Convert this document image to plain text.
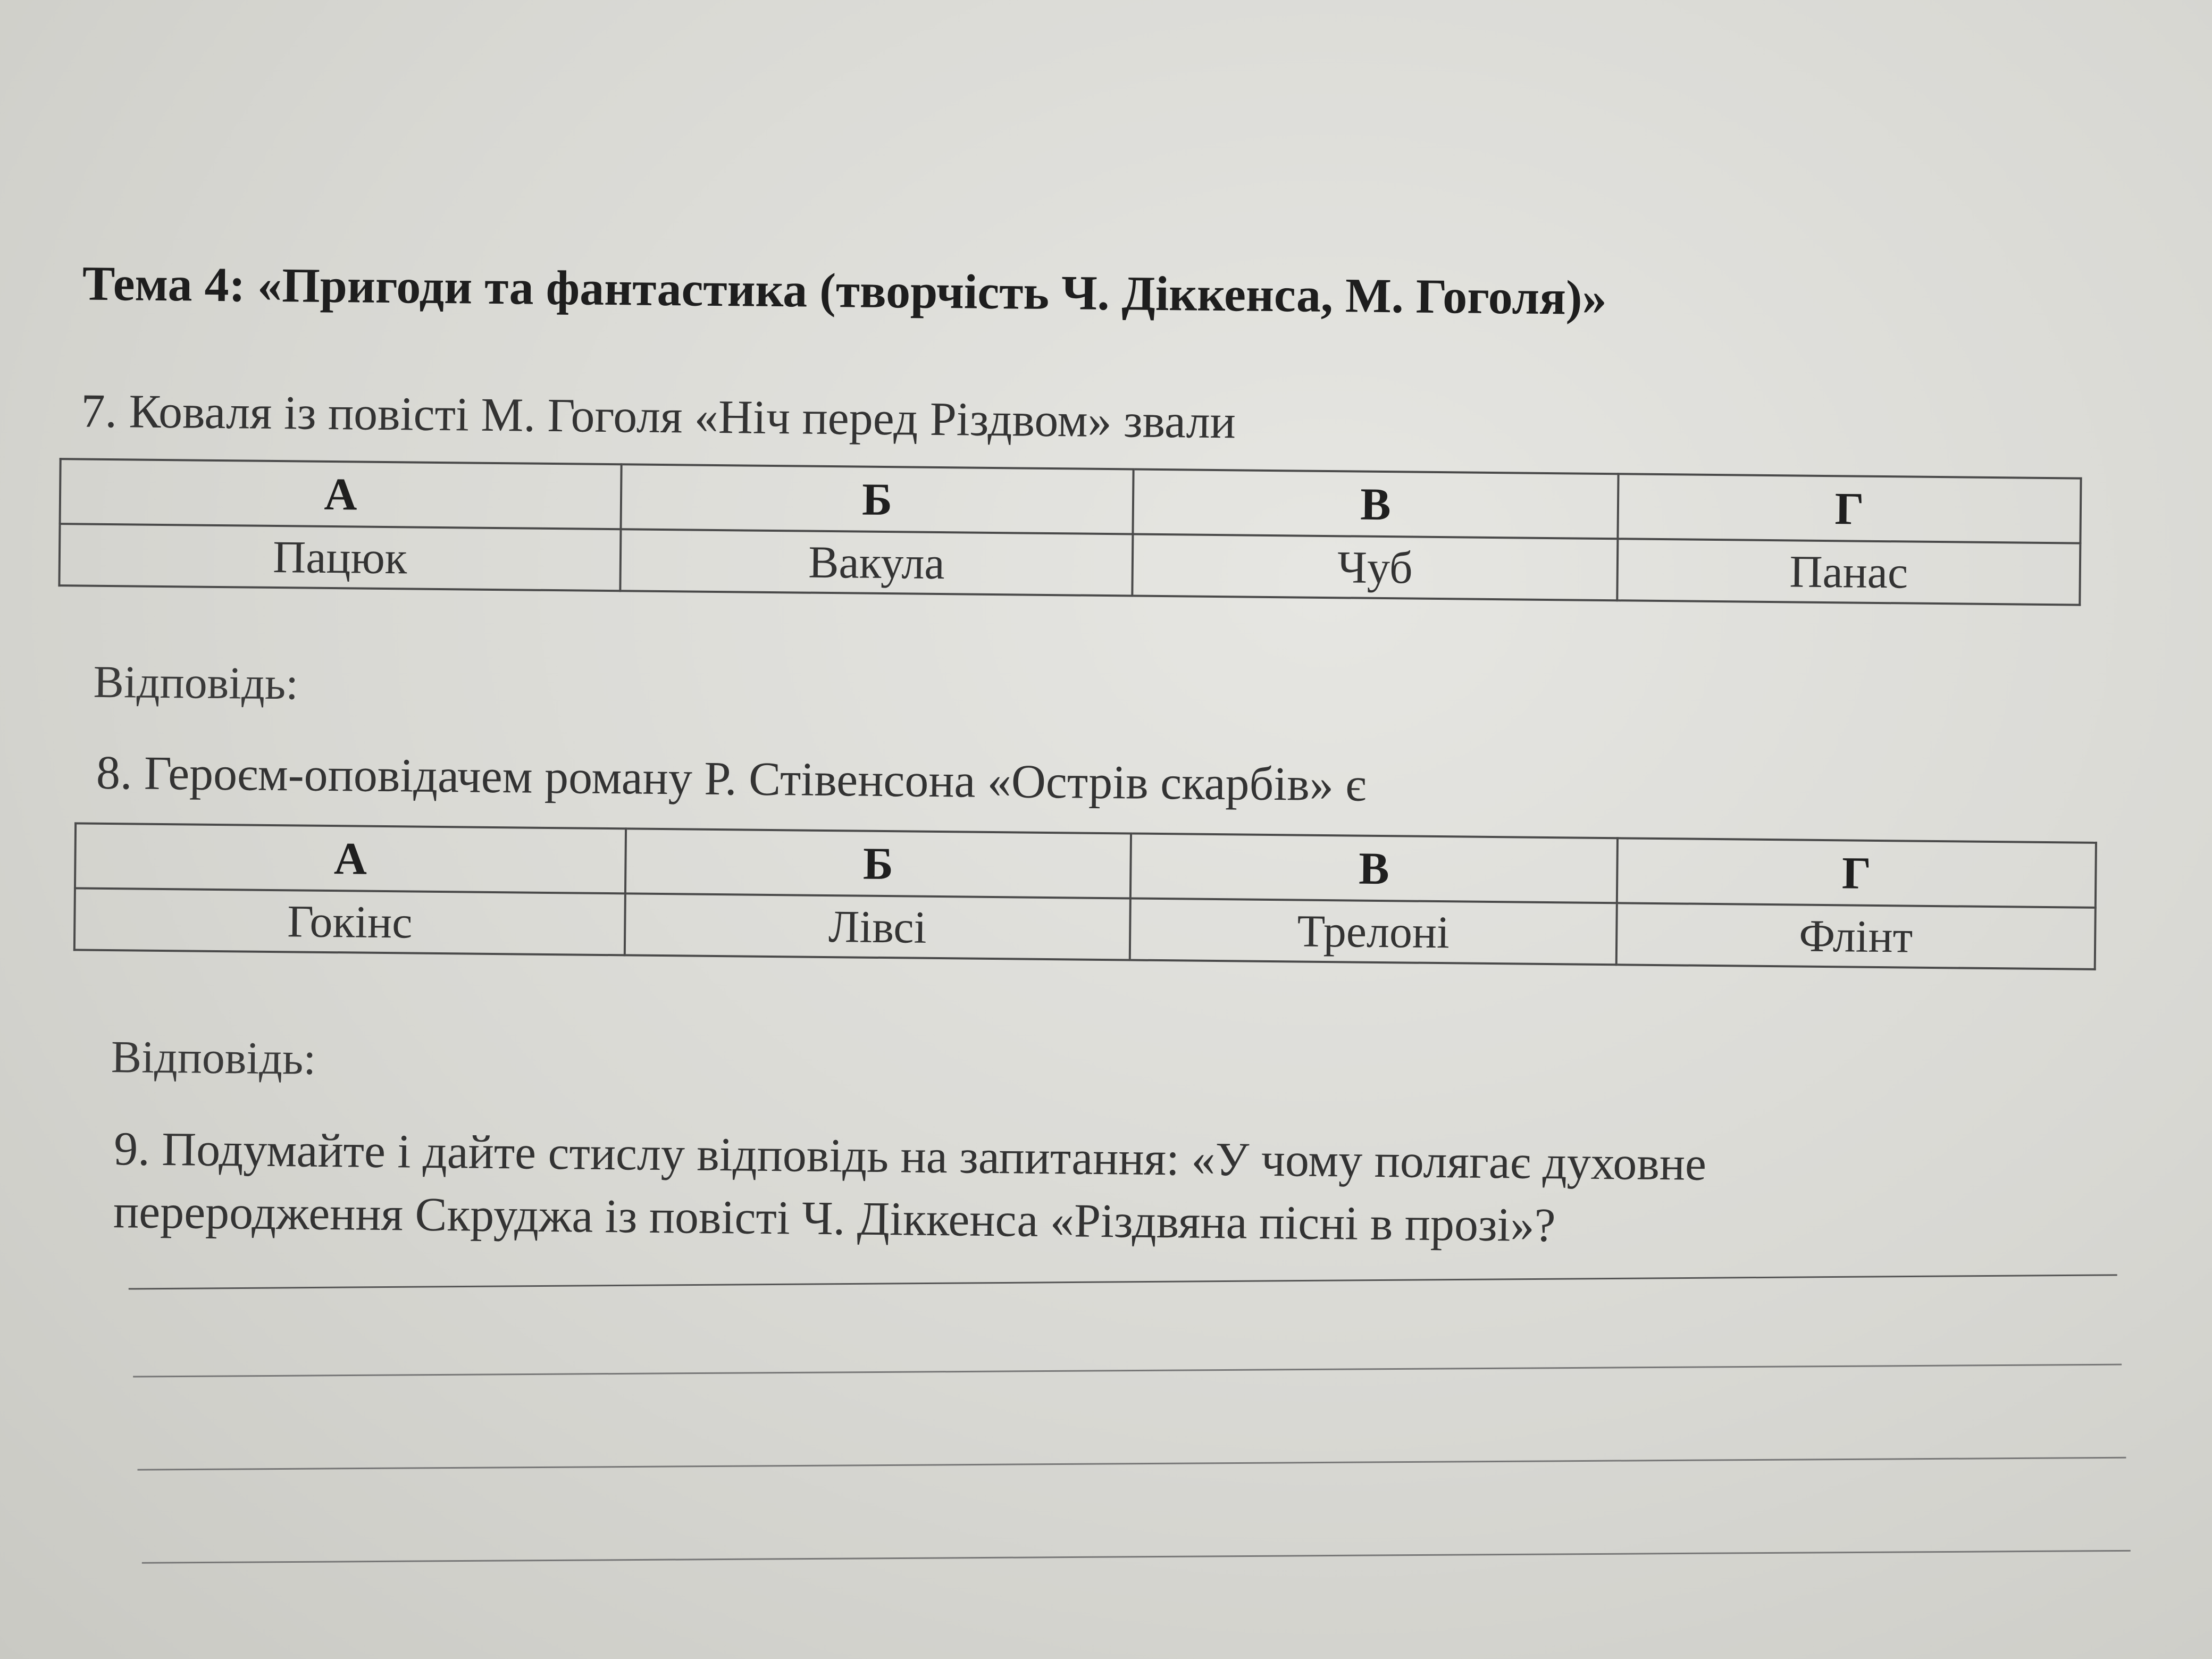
Тема 4: «Пригоди та фантастика (творчість Ч. Діккенса, М. Гоголя)»
7. Коваля із повісті М. Гоголя «Ніч перед Різдвом» звали
А	Б	В	Г
Пацюк	Вакула	Чуб	Панас
Відповідь:
8. Героєм-оповідачем роману Р. Стівенсона «Острів скарбів» є
А	Б	В	Г
Гокінс	Лівсі	Трелоні	Флінт
Відповідь:
9. Подумайте і дайте стислу відповідь на запитання: «У чому полягає духовне переродження Скруджа із повісті Ч. Діккенса «Різдвяна пісні в прозі»?
